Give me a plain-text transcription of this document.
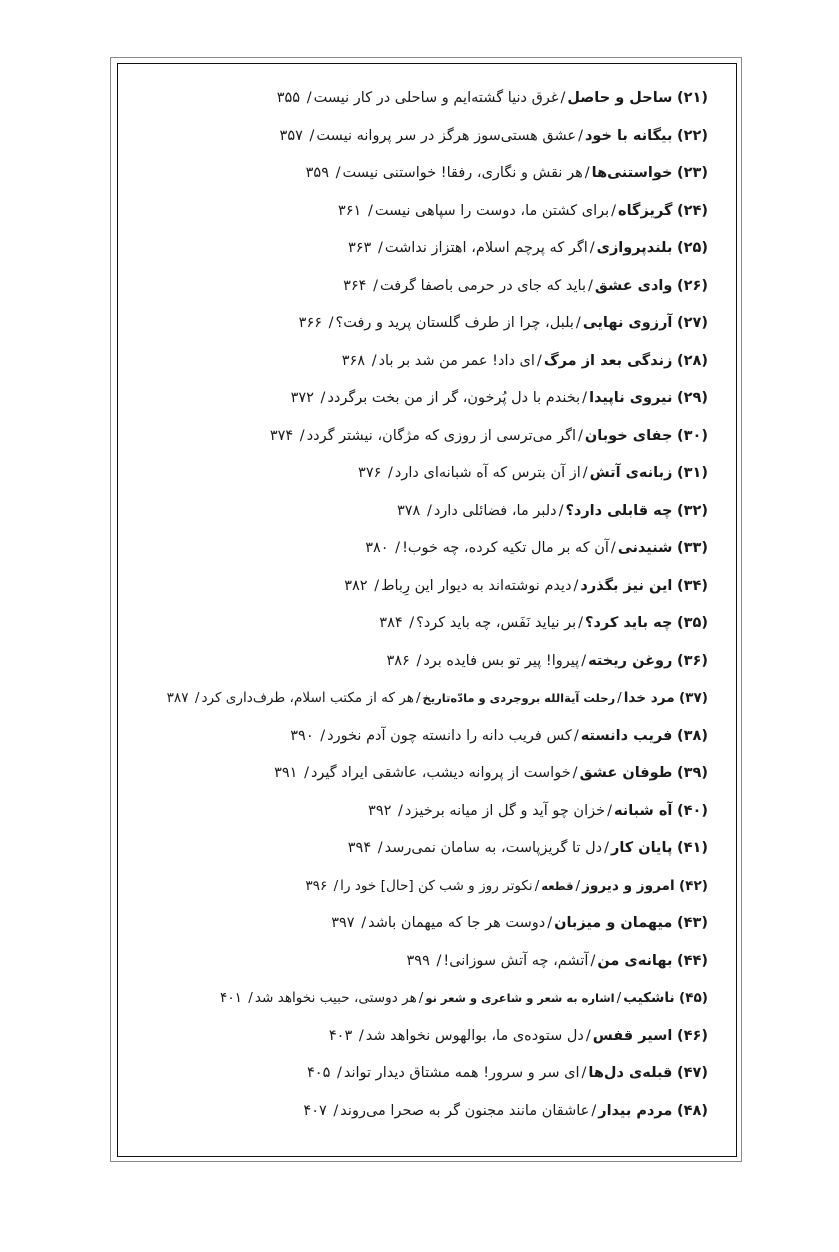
(۲۱) ساحل و حاصل/غرق دنیا گشته‌ایم و ساحلی در کار نیست/ ۳۵۵
(۲۲) بیگانه با خود/عشق هستی‌سوز هرگز در سر پروانه نیست/ ۳۵۷
(۲۳) خواستنی‌ها/هر نقش و نگاری، رفقا! خواستنی نیست/ ۳۵۹
(۲۴) گریزگاه/برای کشتن ما، دوست را سپاهی نیست/ ۳۶۱
(۲۵) بلندپروازی/اگر که پرچم اسلام، اهتزاز نداشت/ ۳۶۳
(۲۶) وادی عشق/باید که جای در حرمی باصفا گرفت/ ۳۶۴
(۲۷) آرزوی نهایی/بلبل، چرا از طرف گلستان پرید و رفت؟/ ۳۶۶
(۲۸) زندگی بعد از مرگ/ای داد! عمر من شد بر باد/ ۳۶۸
(۲۹) نیروی ناپیدا/بخندم با دل پُرخون، گر از من بخت برگردد/ ۳۷۲
(۳۰) جفای خوبان/اگر می‌ترسی از روزی که مژگان، نیشتر گردد/ ۳۷۴
(۳۱) زبانه‌ی آتش/از آن بترس که آه شبانه‌ای دارد/ ۳۷۶
(۳۲) چه قابلی دارد؟/دلبر ما، فضائلی دارد/ ۳۷۸
(۳۳) شنیدنی/آن که بر مال تکیه کرده، چه خوب!/ ۳۸۰
(۳۴) این نیز بگذرد/دیدم نوشته‌اند به دیوار این رِباط/ ۳۸۲
(۳۵) چه باید کرد؟/بر نیاید نَفَس، چه باید کرد؟/ ۳۸۴
(۳۶) روغن ریخته/پیروا! پیر تو بس فایده برد/ ۳۸۶
(۳۷) مرد خدا/رحلت آیة‌الله بروجردی و مادّه‌تاریخ/هر که از مکتب اسلام، طرف‌داری کرد/ ۳۸۷
(۳۸) فریب دانسته/کس فریب دانه را دانسته چون آدم نخورد/ ۳۹۰
(۳۹) طوفان عشق/خواست از پروانه دیشب، عاشقی ایراد گیرد/ ۳۹۱
(۴۰) آه شبانه/خزان چو آید و گل از میانه برخیزد/ ۳۹۲
(۴۱) پایان کار/دل تا گریزپاست، به سامان نمی‌رسد/ ۳۹۴
(۴۲) امروز و دیروز/قطعه/نکوتر روز و شب کن [حال] خود را/ ۳۹۶
(۴۳) میهمان و میزبان/دوست هر جا که میهمان باشد/ ۳۹۷
(۴۴) بهانه‌ی من/آتشم، چه آتش سوزانی!/ ۳۹۹
(۴۵) ناشکیب/اشاره به شعر و شاعری و شعر نو/هر دوستی، حبیب نخواهد شد/ ۴۰۱
(۴۶) اسیر قفس/دل ستوده‌ی ما، بوالهوس نخواهد شد/ ۴۰۳
(۴۷) قبله‌ی دل‌ها/ای سر و سرور! همه مشتاق دیدار تواند/ ۴۰۵
(۴۸) مردم بیدار/عاشقان مانند مجنون گر به صحرا می‌روند/ ۴۰۷
